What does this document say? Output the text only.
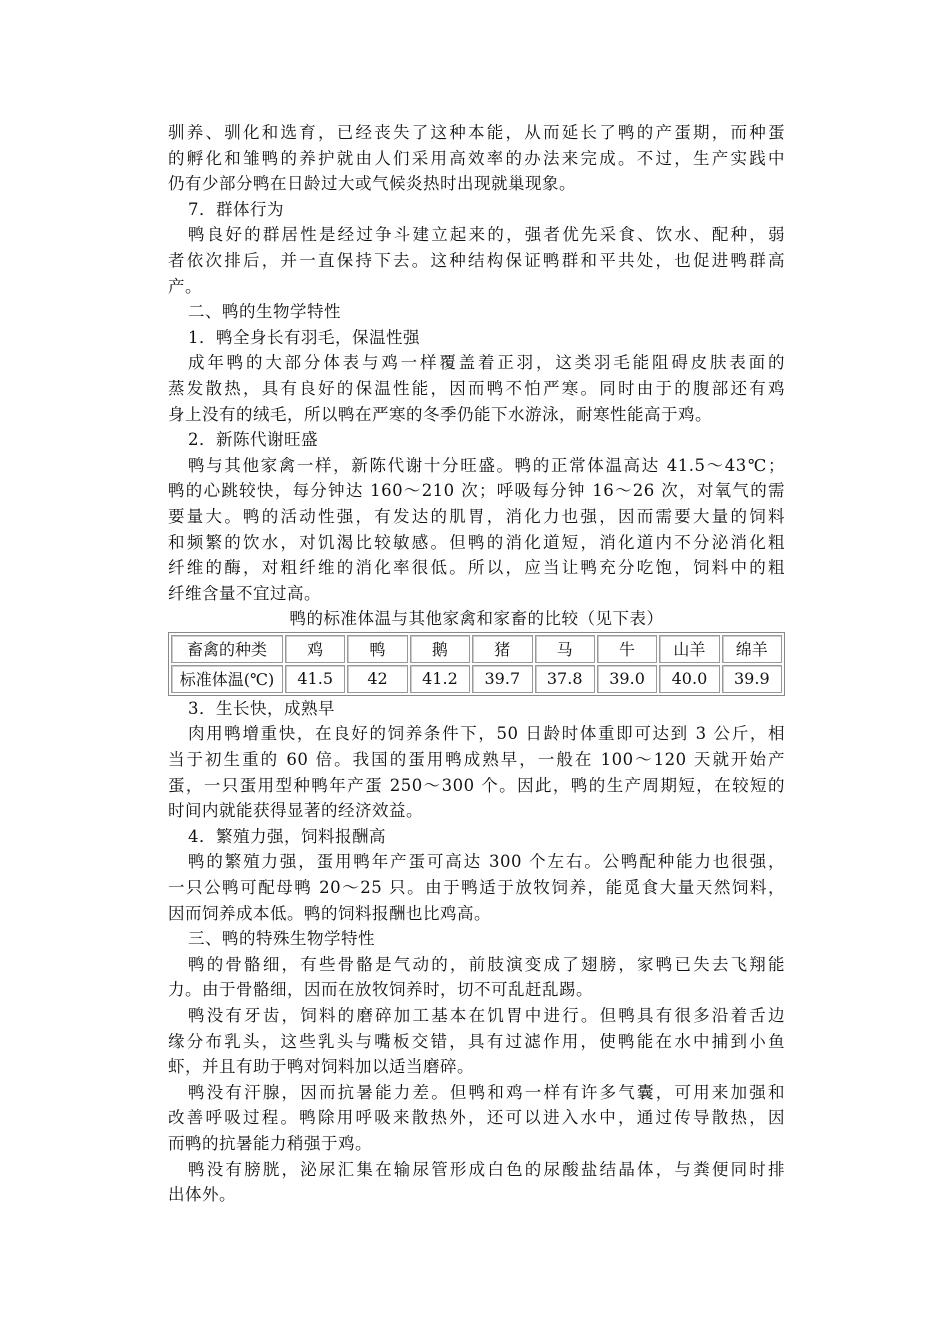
驯养、驯化和选育，已经丧失了这种本能，从而延长了鸭的产蛋期，而种蛋
的孵化和雏鸭的养护就由人们采用高效率的办法来完成。不过，生产实践中
仍有少部分鸭在日龄过大或气候炎热时出现就巢现象。
7．群体行为
鸭良好的群居性是经过争斗建立起来的，强者优先采食、饮水、配种，弱
者依次排后，并一直保持下去。这种结构保证鸭群和平共处，也促进鸭群高
产。
二、鸭的生物学特性
1．鸭全身长有羽毛，保温性强
成年鸭的大部分体表与鸡一样覆盖着正羽，这类羽毛能阻碍皮肤表面的
蒸发散热，具有良好的保温性能，因而鸭不怕严寒。同时由于的腹部还有鸡
身上没有的绒毛，所以鸭在严寒的冬季仍能下水游泳，耐寒性能高于鸡。
2．新陈代谢旺盛
鸭与其他家禽一样，新陈代谢十分旺盛。鸭的正常体温高达 41.5～43℃；
鸭的心跳较快，每分钟达 160～210 次；呼吸每分钟 16～26 次，对氧气的需
要量大。鸭的活动性强，有发达的肌胃，消化力也强，因而需要大量的饲料
和频繁的饮水，对饥渴比较敏感。但鸭的消化道短，消化道内不分泌消化粗
纤维的酶，对粗纤维的消化率很低。所以，应当让鸭充分吃饱，饲料中的粗
纤维含量不宜过高。
鸭的标准体温与其他家禽和家畜的比较（见下表）
畜禽的种类	鸡	鸭	鹅	猪	马	牛	山羊	绵羊
标准体温(℃)	41.5	42	41.2	39.7	37.8	39.0	40.0	39.9
3．生长快，成熟早
肉用鸭增重快，在良好的饲养条件下，50 日龄时体重即可达到 3 公斤，相
当于初生重的 60 倍。我国的蛋用鸭成熟早，一般在 100～120 天就开始产
蛋，一只蛋用型种鸭年产蛋 250～300 个。因此，鸭的生产周期短，在较短的
时间内就能获得显著的经济效益。
4．繁殖力强，饲料报酬高
鸭的繁殖力强，蛋用鸭年产蛋可高达 300 个左右。公鸭配种能力也很强，
一只公鸭可配母鸭 20～25 只。由于鸭适于放牧饲养，能觅食大量天然饲料，
因而饲养成本低。鸭的饲料报酬也比鸡高。
三、鸭的特殊生物学特性
鸭的骨骼细，有些骨骼是气动的，前肢演变成了翅膀，家鸭已失去飞翔能
力。由于骨骼细，因而在放牧饲养时，切不可乱赶乱踢。
鸭没有牙齿，饲料的磨碎加工基本在饥胃中进行。但鸭具有很多沿着舌边
缘分布乳头，这些乳头与嘴板交错，具有过滤作用，使鸭能在水中捕到小鱼
虾，并且有助于鸭对饲料加以适当磨碎。
鸭没有汗腺，因而抗暑能力差。但鸭和鸡一样有许多气囊，可用来加强和
改善呼吸过程。鸭除用呼吸来散热外，还可以进入水中，通过传导散热，因
而鸭的抗暑能力稍强于鸡。
鸭没有膀胱，泌尿汇集在输尿管形成白色的尿酸盐结晶体，与粪便同时排
出体外。
